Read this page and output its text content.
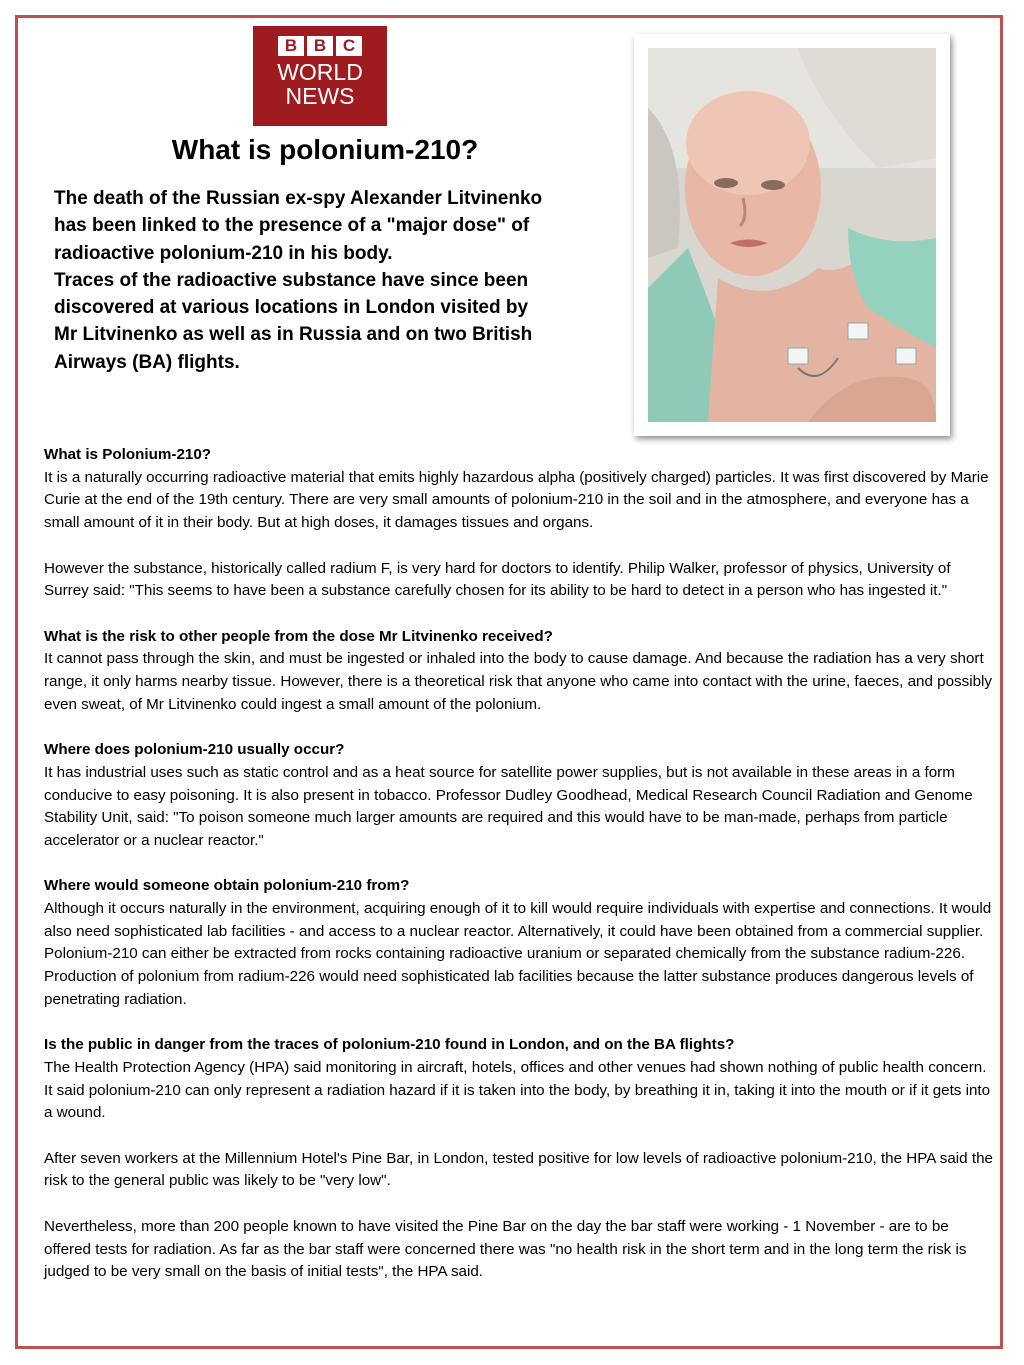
B B C
WORLD
NEWS
What is polonium-210?

The death of the Russian ex-spy Alexander Litvinenko has been linked to the presence of a "major dose" of radioactive polonium-210 in his body.

Traces of the radioactive substance have since been discovered at various locations in London visited by Mr Litvinenko as well as in Russia and on two British Airways (BA) flights.

What is Polonium-210?
It is a naturally occurring radioactive material that emits highly hazardous alpha (positively charged) particles. It was first discovered by Marie Curie at the end of the 19th century. There are very small amounts of polonium-210 in the soil and in the atmosphere, and everyone has a small amount of it in their body. But at high doses, it damages tissues and organs.

However the substance, historically called radium F, is very hard for doctors to identify. Philip Walker, professor of physics, University of Surrey said: "This seems to have been a substance carefully chosen for its ability to be hard to detect in a person who has ingested it."

What is the risk to other people from the dose Mr Litvinenko received?
It cannot pass through the skin, and must be ingested or inhaled into the body to cause damage. And because the radiation has a very short range, it only harms nearby tissue. However, there is a theoretical risk that anyone who came into contact with the urine, faeces, and possibly even sweat, of Mr Litvinenko could ingest a small amount of the polonium.

Where does polonium-210 usually occur?
It has industrial uses such as static control and as a heat source for satellite power supplies, but is not available in these areas in a form conducive to easy poisoning. It is also present in tobacco. Professor Dudley Goodhead, Medical Research Council Radiation and Genome Stability Unit, said: "To poison someone much larger amounts are required and this would have to be man-made, perhaps from particle accelerator or a nuclear reactor."

Where would someone obtain polonium-210 from?
Although it occurs naturally in the environment, acquiring enough of it to kill would require individuals with expertise and connections. It would also need sophisticated lab facilities - and access to a nuclear reactor. Alternatively, it could have been obtained from a commercial supplier. Polonium-210 can either be extracted from rocks containing radioactive uranium or separated chemically from the substance radium-226. Production of polonium from radium-226 would need sophisticated lab facilities because the latter substance produces dangerous levels of penetrating radiation.

Is the public in danger from the traces of polonium-210 found in London, and on the BA flights?
The Health Protection Agency (HPA) said monitoring in aircraft, hotels, offices and other venues had shown nothing of public health concern. It said polonium-210 can only represent a radiation hazard if it is taken into the body, by breathing it in, taking it into the mouth or if it gets into a wound.

After seven workers at the Millennium Hotel's Pine Bar, in London, tested positive for low levels of radioactive polonium-210, the HPA said the risk to the general public was likely to be "very low".

Nevertheless, more than 200 people known to have visited the Pine Bar on the day the bar staff were working - 1 November - are to be offered tests for radiation. As far as the bar staff were concerned there was "no health risk in the short term and in the long term the risk is judged to be very small on the basis of initial tests", the HPA said.
